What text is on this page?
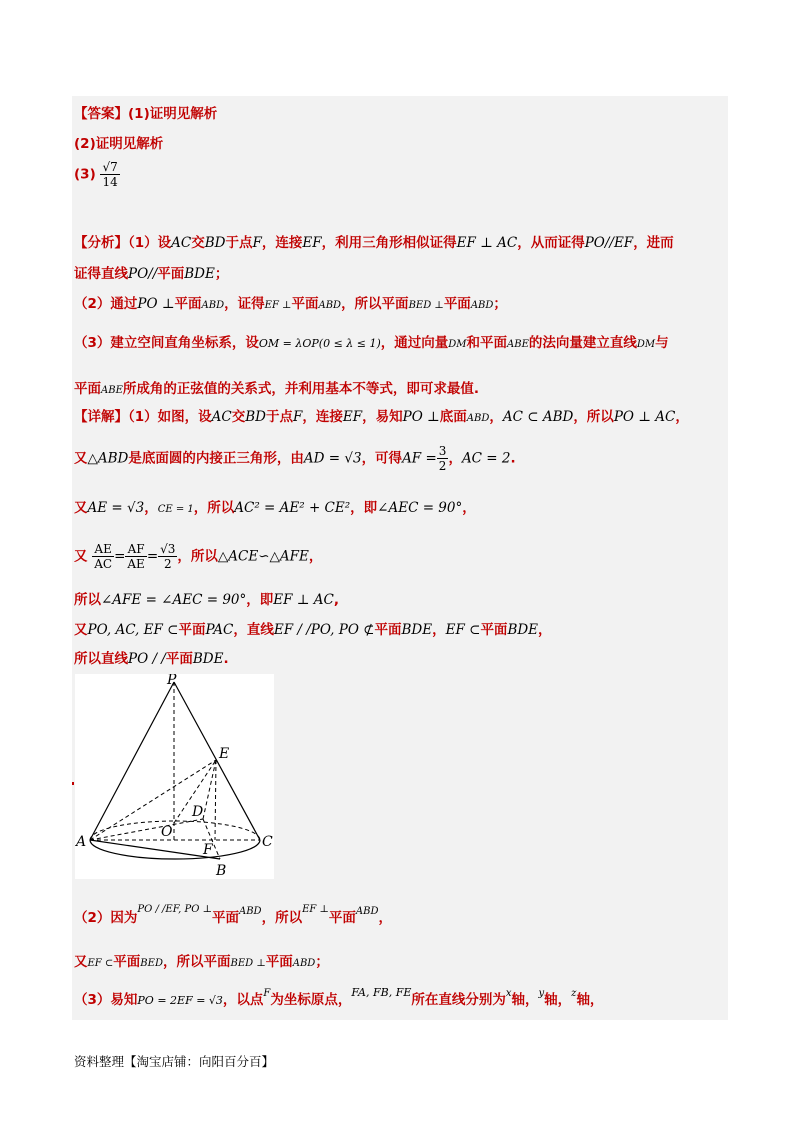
【答案】(1)证明见解析
(2)证明见解析
$(3) \frac{√7}{14}$
【分析】（1）设AC交BD于点F，连接EF，利用三角形相似证得EF ⊥ AC，从而证得PO//EF，进而
证得直线PO//平面BDE；
（2）通过PO ⊥平面ABD，证得EF ⊥平面ABD，所以平面BED ⊥平面ABD；
（3）建立空间直角坐标系，设OM = λOP(0 ≤ λ ≤ 1)，通过向量DM和平面ABE的法向量建立直线DM与
平面ABE所成角的正弦值的关系式，并利用基本不等式，即可求最值.
【详解】（1）如图，设AC交BD于点F，连接EF，易知PO ⊥底面ABD，AC ⊂ ABD，所以PO ⊥ AC，
又△ABD是底面圆的内接正三角形，由AD = √3，可得AF = $\frac{3}{2}$ ，AC = 2.
又AE = √3，CE = 1，所以AC² = AE² + CE²，即∠AEC = 90°，
又 $\frac{AE}{AC} = \frac{AF}{AE} = \frac{√3}{2}$ ，所以△ACE∽△AFE，
所以∠AFE = ∠AEC = 90°，即EF ⊥ AC,
又PO, AC, EF ⊂平面PAC，直线EF / /PO, PO ⊄平面BDE，EF ⊂平面BDE，
所以直线PO / /平面BDE.
P
E
D
O
A	F	C
B
（2）因为$^{PO / /EF, PO \perp}$平面$^{ABD}$，所以$^{EF \perp}$平面$^{ABD}$，
又EF ⊂平面BED，所以平面BED ⊥平面ABD；
（3）易知PO = 2EF = √3，以点$^F$为坐标原点，$^{FA, FB, FE}$所在直线分别为$^x$轴，$^y$轴，$^z$轴，
资料整理【淘宝店铺：向阳百分百】
